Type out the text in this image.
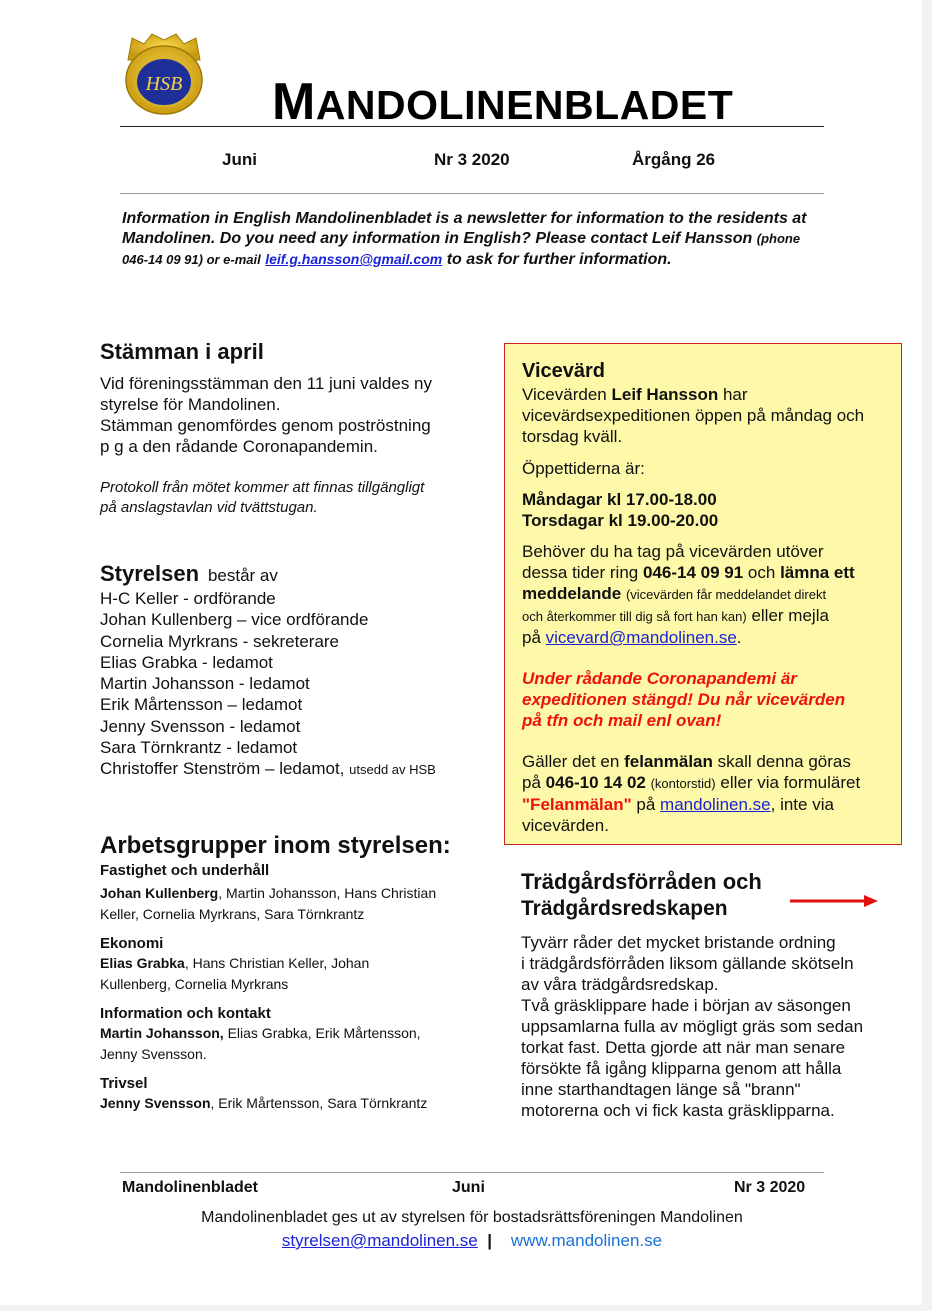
HSB MANDOLINENBLADET
Juni	Nr 3 2020	Årgång 26
Information in English Mandolinenbladet is a newsletter for information to the residents at Mandolinen. Do you need any information in English? Please contact Leif Hansson (phone 046-14 09 91) or e-mail leif.g.hansson@gmail.com to ask for further information.
Stämman i april
Vid föreningsstämman den 11 juni valdes ny
styrelse för Mandolinen.
Stämman genomfördes genom poströstning
p g a den rådande Coronapandemin.
Protokoll från mötet kommer att finnas tillgängligt
på anslagstavlan vid tvättstugan.
Styrelsen består av
H-C Keller - ordförande
Johan Kullenberg – vice ordförande
Cornelia Myrkrans - sekreterare
Elias Grabka - ledamot
Martin Johansson - ledamot
Erik Mårtensson – ledamot
Jenny Svensson - ledamot
Sara Törnkrantz - ledamot
Christoffer Stenström – ledamot, utsedd av HSB
Arbetsgrupper inom styrelsen:
Fastighet och underhåll
Johan Kullenberg, Martin Johansson, Hans Christian
Keller, Cornelia Myrkrans, Sara Törnkrantz
Ekonomi
Elias Grabka, Hans Christian Keller, Johan
Kullenberg, Cornelia Myrkrans
Information och kontakt
Martin Johansson, Elias Grabka, Erik Mårtensson,
Jenny Svensson.
Trivsel
Jenny Svensson, Erik Mårtensson, Sara Törnkrantz
Vicevärd

Vicevärden Leif Hansson har
vicevärdsexpeditionen öppen på måndag och
torsdag kväll.

Öppettiderna är:

Måndagar kl 17.00-18.00
Torsdagar kl 19.00-20.00

Behöver du ha tag på vicevärden utöver
dessa tider ring 046-14 09 91 och lämna ett
meddelande (vicevärden får meddelandet direkt
och återkommer till dig så fort han kan) eller mejla
på vicevard@mandolinen.se.

Under rådande Coronapandemi är
expeditionen stängd! Du når vicevärden
på tfn och mail enl ovan!

Gäller det en felanmälan skall denna göras
på 046-10 14 02 (kontorstid) eller via formuläret
"Felanmälan" på mandolinen.se, inte via
vicevärden.

Trädgårdsförråden och
Trädgårdsredskapen
Tyvärr råder det mycket bristande ordning
i trädgårdsförråden liksom gällande skötseln
av våra trädgårdsredskap.
Två gräsklippare hade i början av säsongen
uppsamlarna fulla av mögligt gräs som sedan
torkat fast. Detta gjorde att när man senare
försökte få igång klipparna genom att hålla
inne starthandtagen länge så "brann"
motorerna och vi fick kasta gräsklipparna.
Mandolinenbladet	Juni	Nr 3 2020
Mandolinenbladet ges ut av styrelsen för bostadsrättsföreningen Mandolinen
styrelsen@mandolinen.se | www.mandolinen.se
